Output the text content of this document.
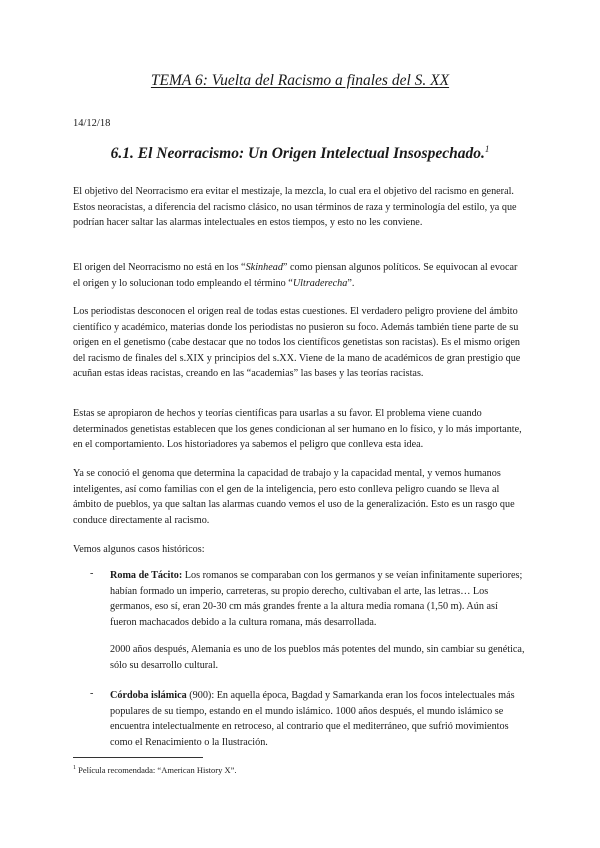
TEMA 6: Vuelta del Racismo a finales del S. XX
14/12/18
6.1. El Neorracismo: Un Origen Intelectual Insospechado.$^1$

El objetivo del Neorracismo era evitar el mestizaje, la mezcla, lo cual era el objetivo del racismo en general. Estos neoracistas, a diferencia del racismo clásico, no usan términos de raza y terminología del estilo, ya que podrían hacer saltar las alarmas intelectuales en estos tiempos, y esto no les conviene.

El origen del Neorracismo no está en los “Skinhead” como piensan algunos políticos. Se equivocan al evocar el origen y lo solucionan todo empleando el término “Ultraderecha”.

Los periodistas desconocen el origen real de todas estas cuestiones. El verdadero peligro proviene del ámbito científico y académico, materias donde los periodistas no pusieron su foco. Además también tiene parte de su origen en el genetismo (cabe destacar que no todos los científicos genetistas son racistas). Es el mismo origen del racismo de finales del s.XIX y principios del s.XX. Viene de la mano de académicos de gran prestigio que acuñan estas ideas racistas, creando en las “academias” las bases y las teorías racistas.

Estas se apropiaron de hechos y teorías científicas para usarlas a su favor. El problema viene cuando determinados genetistas establecen que los genes condicionan al ser humano en lo físico, y lo más importante, en el comportamiento. Los historiadores ya sabemos el peligro que conlleva esta idea.

Ya se conoció el genoma que determina la capacidad de trabajo y la capacidad mental, y vemos humanos inteligentes, así como familias con el gen de la inteligencia, pero esto conlleva peligro cuando se lleva al ámbito de pueblos, ya que saltan las alarmas cuando vemos el uso de la generalización. Esto es un rasgo que conduce directamente al racismo.

Vemos algunos casos históricos:

- Roma de Tácito: Los romanos se comparaban con los germanos y se veían infinitamente superiores; habían formado un imperio, carreteras, su propio derecho, cultivaban el arte, las letras… Los germanos, eso sí, eran 20-30 cm más grandes frente a la altura media romana (1,50 m). Aún así fueron machacados debido a la cultura romana, más desarrollada.

2000 años después, Alemania es uno de los pueblos más potentes del mundo, sin cambiar su genética, sólo su desarrollo cultural.

- Córdoba islámica (900): En aquella época, Bagdad y Samarkanda eran los focos intelectuales más populares de su tiempo, estando en el mundo islámico. 1000 años después, el mundo islámico se encuentra intelectualmente en retroceso, al contrario que el mediterráneo, que sufrió movimientos como el Renacimiento o la Ilustración.

$^1$ Película recomendada: “American History X”.
